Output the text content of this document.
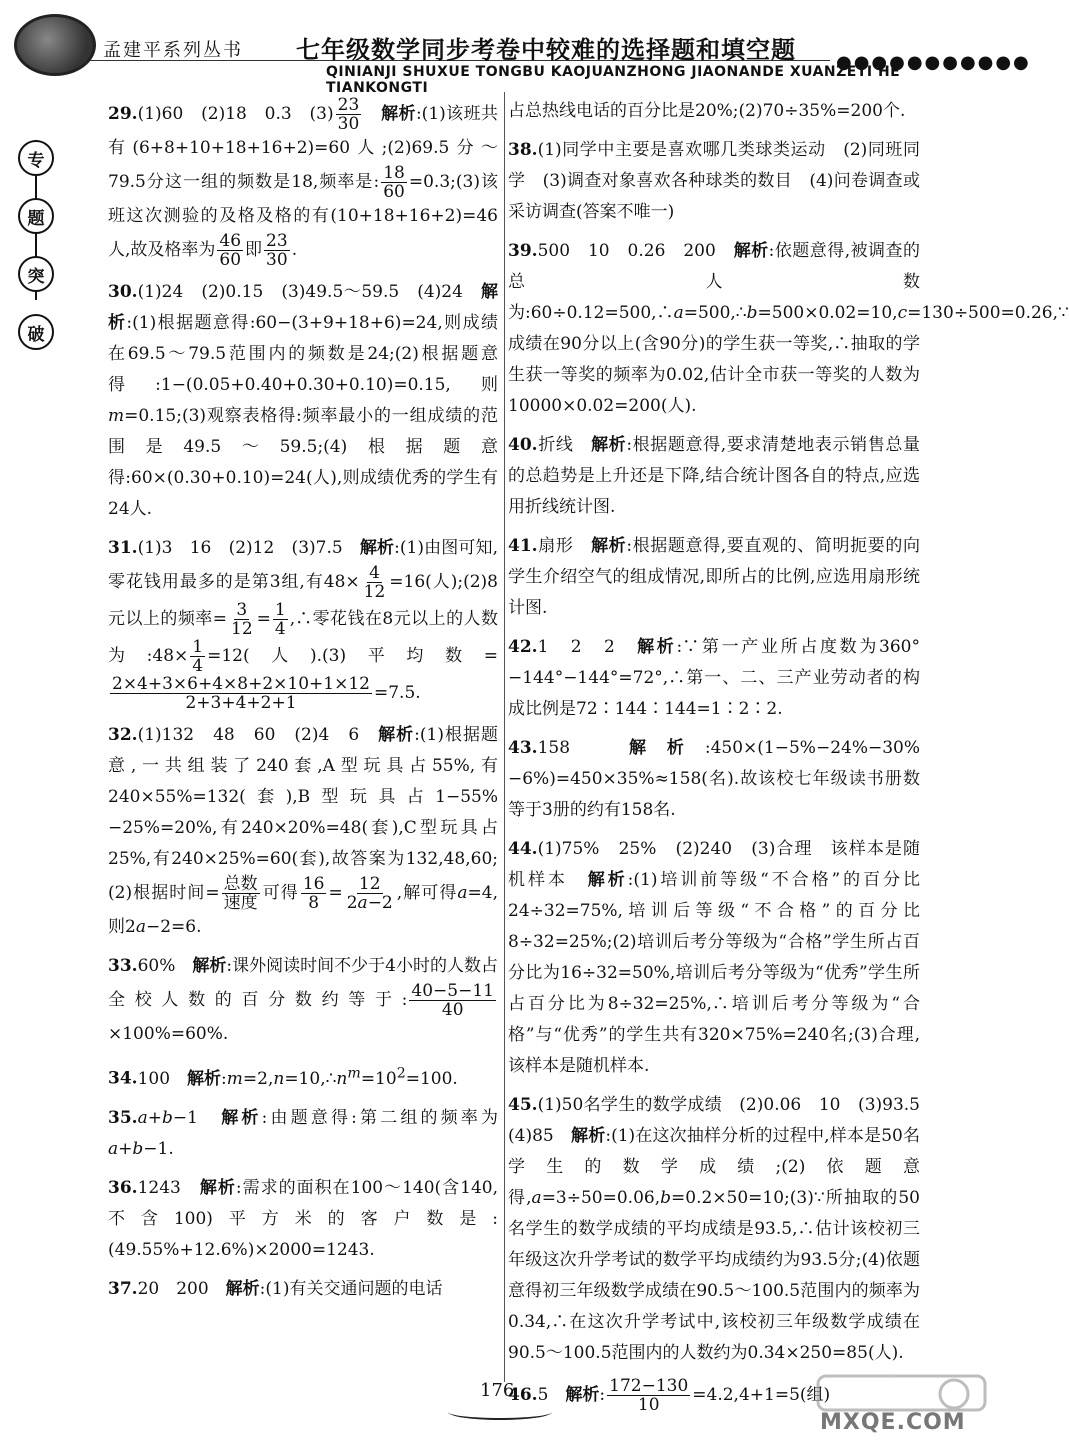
孟建平系列丛书 七年级数学同步考卷中较难的选择题和填空题 ●●●●●●●●●●●
QINIANJI SHUXUE TONGBU KAOJUANZHONG JIAONANDE XUANZETI HE TIANKONGTI
专
题
突
破
29.(1)60　(2)18　0.3　$(3) \frac{23}{30}$
　 解析:(1)该班共有(6+8+10+18+16+2)=60人;(2)69.5分～79.5分这一组的频数是18,频率是: $\frac{18}{60}$ =0.3;(3)该班这次测验的及格及格的有(10+18+16+2)=46人,故及格率为 $\frac{46}{60}$ 即 $\frac{23}{30}$ .
30.(1)24　(2)0.15　(3)49.5～59.5　(4)24　解析:(1)根据题意得:60−(3+9+18+6)=24,则成绩在69.5～79.5范围内的频数是24;(2)根据题意得:1−(0.05+0.40+0.30+0.10)=0.15,则m=0.15;(3)观察表格得:频率最小的一组成绩的范围是49.5～59.5;(4)根据题意得:60×(0.30+0.10)=24(人),则成绩优秀的学生有24人.
31.(1)3　16　(2)12　(3)7.5　解析:(1)由图可知,零花钱用最多的是第3组,有$48\times \frac{4}{12} =16$(人);(2)8元以上的频率= $\frac{3}{12} = \frac{1}{4}$ ,∴零花钱在8元以上的人数为:48× $\frac{1}{4} =12$(人).(3)平均数=
$\frac{2\times 4+3\times 6+4\times 8+2\times 10+1\times 12}{2+3+4+2+1} =7.5$.
32.(1)132　48　60　(2)4　6　解析:(1)根据题意,一共组装了240套,A型玩具占55%,有240×55%=132(套),B型玩具占1−55%−25%=20%,有240×20%=48(套),C型玩具占25%,有240×25%=60(套),故答案为132,48,60;(2)根据时间= $\frac{\text{总数}}{\text{速度}}$ 可得 $\frac{16}{8} = \frac{12}{2a-2}$ ,解可得a=4,则2a−2=6.
33.60%　解析:课外阅读时间不少于4小时的人数占全校人数的百分数约等于: $\frac{40-5-11}{40}$
×100%=60%.
34.100　解析$:m=2,n=10,\therefore n^m=10^2=100$.
35.a+b−1　解析:由题意得:第二组的频率为a+b−1.
36.1243　解析:需求的面积在100～140(含140,不含100)平方米的客户数是:(49.55%+12.6%)×2000=1243.
37.20　200　解析:(1)有关交通问题的电话
占总热线电话的百分比是20%;(2)70÷35%=200个.
38.(1)同学中主要是喜欢哪几类球类运动　(2)同班同学　(3)调查对象喜欢各种球类的数目　(4)问卷调查或采访调查(答案不唯一)
39.500　10　0.26　200　解析:依题意得,被调查的总人数为:60÷0.12=500,∴a=500,∴b=500×0.02=10,c=130÷500=0.26,∵成绩在90分以上(含90分)的学生获一等奖,∴抽取的学生获一等奖的频率为0.02,估计全市获一等奖的人数为10000×0.02=200(人).
40.折线　解析:根据题意得,要求清楚地表示销售总量的总趋势是上升还是下降,结合统计图各自的特点,应选用折线统计图.
41.扇形　解析:根据题意得,要直观的、简明扼要的向学生介绍空气的组成情况,即所占的比例,应选用扇形统计图.
42.1　2　2　解析:∵第一产业所占度数为360°−144°−144°=72°,∴第一、二、三产业劳动者的构成比例是72∶144∶144=1∶2∶2.
43.158　解析:450×(1−5%−24%−30%−6%)=450×35%≈158(名).故该校七年级读书册数等于3册的约有158名.
44.(1)75%　25%　(2)240　(3)合理　该样本是随机样本　解析:(1)培训前等级“不合格”的百分比24÷32=75%,培训后等级“不合格”的百分比8÷32=25%;(2)培训后考分等级为“合格”学生所占百分比为16÷32=50%,培训后考分等级为“优秀”学生所占百分比为8÷32=25%,∴培训后考分等级为“合格”与“优秀”的学生共有320×75%=240名;(3)合理,该样本是随机样本.
45.(1)50名学生的数学成绩　(2)0.06　10　(3)93.5　(4)85　解析:(1)在这次抽样分析的过程中,样本是50名学生的数学成绩;(2)依题意得,a=3÷50=0.06,b=0.2×50=10;(3)∵所抽取的50名学生的数学成绩的平均成绩是93.5,∴估计该校初三年级这次升学考试的数学平均成绩约为93.5分;(4)依题意得初三年级数学成绩在90.5～100.5范围内的频率为0.34,∴在这次升学考试中,该校初三年级数学成绩在90.5～100.5范围内的人数约为0.34×250=85(人).
46.5　解析: $\frac{172-130}{10} =4.2,4+1=5$(组)
176
MXQE.COM
